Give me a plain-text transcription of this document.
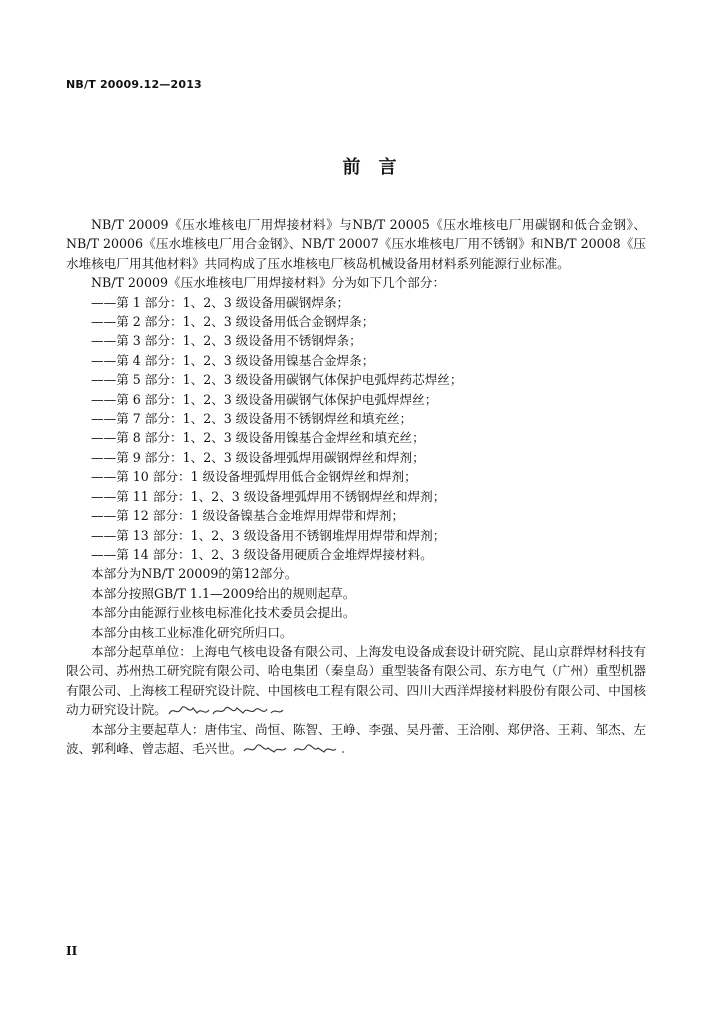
NB/T 20009.12—2013
前言

NB/T 20009《压水堆核电厂用焊接材料》与NB/T 20005《压水堆核电厂用碳钢和低合金钢》、NB/T 20006《压水堆核电厂用合金钢》、NB/T 20007《压水堆核电厂用不锈钢》和NB/T 20008《压水堆核电厂用其他材料》共同构成了压水堆核电厂核岛机械设备用材料系列能源行业标准。

NB/T 20009《压水堆核电厂用焊接材料》分为如下几个部分：

——第 1 部分：1、2、3 级设备用碳钢焊条；

——第 2 部分：1、2、3 级设备用低合金钢焊条；

——第 3 部分：1、2、3 级设备用不锈钢焊条；

——第 4 部分：1、2、3 级设备用镍基合金焊条；

——第 5 部分：1、2、3 级设备用碳钢气体保护电弧焊药芯焊丝；

——第 6 部分：1、2、3 级设备用碳钢气体保护电弧焊焊丝；

——第 7 部分：1、2、3 级设备用不锈钢焊丝和填充丝；

——第 8 部分：1、2、3 级设备用镍基合金焊丝和填充丝；

——第 9 部分：1、2、3 级设备埋弧焊用碳钢焊丝和焊剂；

——第 10 部分：1 级设备埋弧焊用低合金钢焊丝和焊剂；

——第 11 部分：1、2、3 级设备埋弧焊用不锈钢焊丝和焊剂；

——第 12 部分：1 级设备镍基合金堆焊用焊带和焊剂；

——第 13 部分：1、2、3 级设备用不锈钢堆焊用焊带和焊剂；

——第 14 部分：1、2、3 级设备用硬质合金堆焊焊接材料。

本部分为NB/T 20009的第12部分。

本部分按照GB/T 1.1—2009给出的规则起草。

本部分由能源行业核电标准化技术委员会提出。

本部分由核工业标准化研究所归口。

本部分起草单位：上海电气核电设备有限公司、上海发电设备成套设计研究院、昆山京群焊材科技有限公司、苏州热工研究院有限公司、哈电集团（秦皇岛）重型装备有限公司、东方电气（广州）重型机器有限公司、上海核工程研究设计院、中国核电工程有限公司、四川大西洋焊接材料股份有限公司、中国核动力研究设计院。

本部分主要起草人：唐伟宝、尚恒、陈智、王峥、李强、吴丹蕾、王洽刚、郑伊洛、王莉、邹杰、左波、郭利峰、曾志超、毛兴世。

II
